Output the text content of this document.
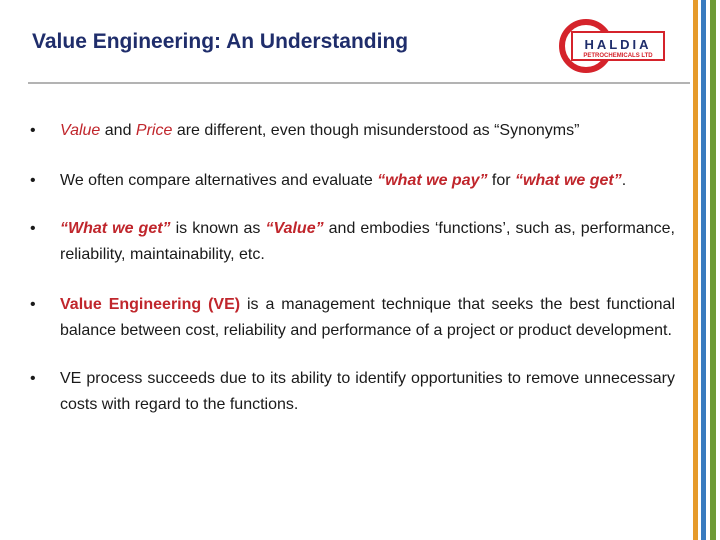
Value Engineering: An Understanding	HALDIA
PETROCHEMICALS LTD
• Value and Price are different, even though misunderstood as “Synonyms”
• We often compare alternatives and evaluate “what we pay” for “what we get”.
• “What we get” is known as “Value” and embodies ‘functions’, such as, performance, reliability, maintainability, etc.
• Value Engineering (VE) is a management technique that seeks the best functional balance between cost, reliability and performance of a project or product development.
• VE process succeeds due to its ability to identify opportunities to remove unnecessary costs with regard to the functions.
